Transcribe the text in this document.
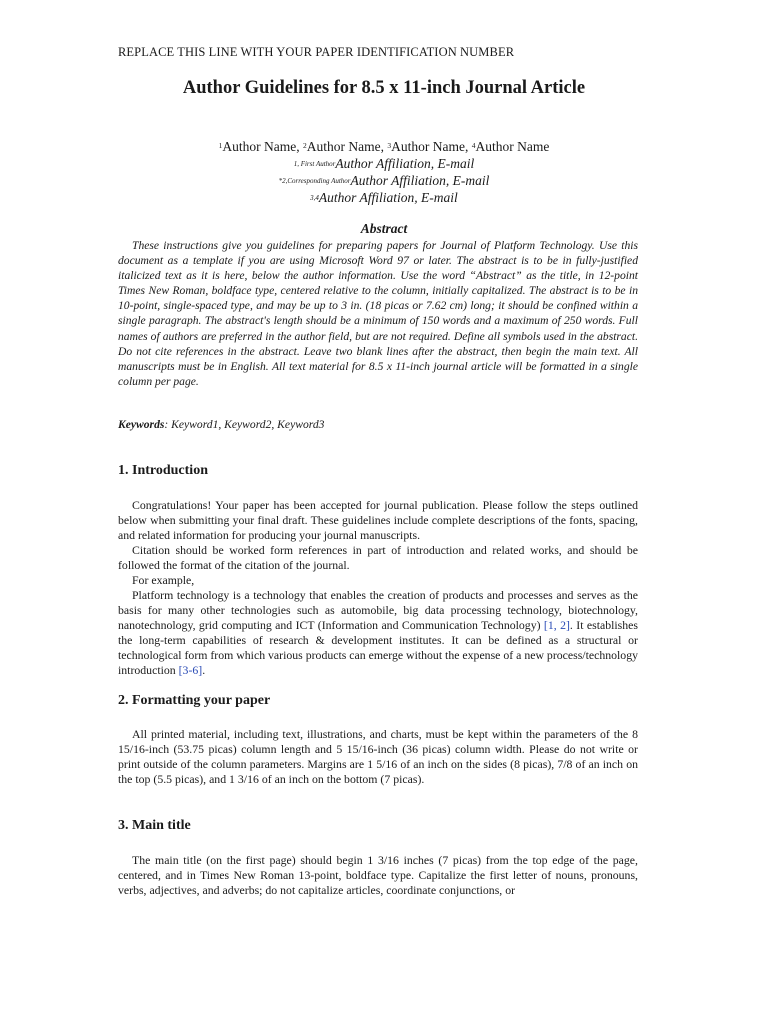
REPLACE THIS LINE WITH YOUR PAPER IDENTIFICATION NUMBER
Author Guidelines for 8.5 x 11-inch Journal Article
$^1$Author Name, $^2$Author Name, $^3$Author Name, $^4$Author Name
$^{1, First Author}$Author Affiliation, E-mail
$^{*2,Corresponding Author}$Author Affiliation, E-mail
$^{3,4}$Author Affiliation, E-mail
Abstract

These instructions give you guidelines for preparing papers for Journal of Platform Technology. Use this document as a template if you are using Microsoft Word 97 or later. The abstract is to be in fully-justified italicized text as it is here, below the author information. Use the word “Abstract” as the title, in 12-point Times New Roman, boldface type, centered relative to the column, initially capitalized. The abstract is to be in 10-point, single-spaced type, and may be up to 3 in. (18 picas or 7.62 cm) long; it should be confined within a single paragraph. The abstract's length should be a minimum of 150 words and a maximum of 250 words. Full names of authors are preferred in the author field, but are not required. Define all symbols used in the abstract. Do not cite references in the abstract. Leave two blank lines after the abstract, then begin the main text. All manuscripts must be in English. All text material for 8.5 x 11-inch journal article will be formatted in a single column per page.

Keywords: Keyword1, Keyword2, Keyword3
1. Introduction

Congratulations! Your paper has been accepted for journal publication. Please follow the steps outlined below when submitting your final draft. These guidelines include complete descriptions of the fonts, spacing, and related information for producing your journal manuscripts.

Citation should be worked form references in part of introduction and related works, and should be followed the format of the citation of the journal.

For example,

Platform technology is a technology that enables the creation of products and processes and serves as the basis for many other technologies such as automobile, big data processing technology, biotechnology, nanotechnology, grid computing and ICT (Information and Communication Technology) [1, 2]. It establishes the long-term capabilities of research & development institutes. It can be defined as a structural or technological form from which various products can emerge without the expense of a new process/technology introduction [3-6].

2. Formatting your paper

All printed material, including text, illustrations, and charts, must be kept within the parameters of the 8 15/16-inch (53.75 picas) column length and 5 15/16-inch (36 picas) column width. Please do not write or print outside of the column parameters. Margins are 1 5/16 of an inch on the sides (8 picas), 7/8 of an inch on the top (5.5 picas), and 1 3/16 of an inch on the bottom (7 picas).

3. Main title

The main title (on the first page) should begin 1 3/16 inches (7 picas) from the top edge of the page, centered, and in Times New Roman 13-point, boldface type. Capitalize the first letter of nouns, pronouns, verbs, adjectives, and adverbs; do not capitalize articles, coordinate conjunctions, or
